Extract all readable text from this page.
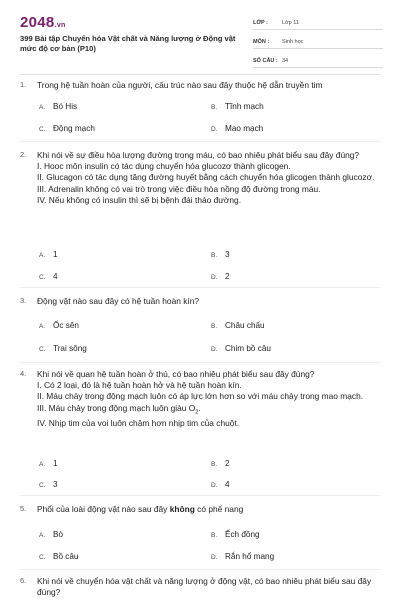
2048.vn
399 Bài tập Chuyển hóa Vật chất và Năng lượng ở Động vật mức độ cơ bản (P10)
LỚP :	Lớp 11
MÔN :	Sinh học
SỐ CÂU : 34
1. Trong hệ tuần hoàn của người, cấu trúc nào sau đây thuộc hệ dẫn truyền tim

A. Bó His	B. Tĩnh mạch
C. Động mạch	D. Mao mạch
2. Khi nói về sự điều hòa lượng đường trong máu, có bao nhiêu phát biểu sau đây đúng?

I. Hooc môn insulin có tác dụng chuyển hóa glucozơ thành glicogen.

II. Glucagon có tác dụng tăng đường huyết bằng cách chuyển hóa glicogen thành glucozơ.

III. Adrenalin không có vai trò trong việc điều hòa nồng độ đường trong máu.

IV. Nếu không có insulin thì sẽ bị bệnh đái tháo đường.

A. 1	B. 3
C. 4	D. 2
3. Động vật nào sau đây có hệ tuần hoàn kín?

A. Ốc sên	B. Châu chấu
C. Trai sông	D. Chim bồ câu
4. Khi nói về quan hệ tuần hoàn ở thú, có bao nhiêu phát biểu sau đây đúng?

I. Có 2 loại, đó là hệ tuần hoàn hở và hệ tuần hoàn kín.

II. Máu chảy trong động mạch luôn có áp lực lớn hơn so với máu chảy trong mao mạch.

III. Máu chảy trong động mạch luôn giàu $O_2$.

IV. Nhịp tim của voi luôn chậm hơn nhịp tim của chuột.

A. 1	B. 2
C. 3	D. 4
5. Phổi của loài động vật nào sau đây không có phế nang

A. Bò	B. Ếch đồng
C. Bồ câu	D. Rắn hổ mang
6. Khi nói về chuyển hóa vật chất và năng lượng ở động vật, có bao nhiêu phát biểu sau đây đúng?
